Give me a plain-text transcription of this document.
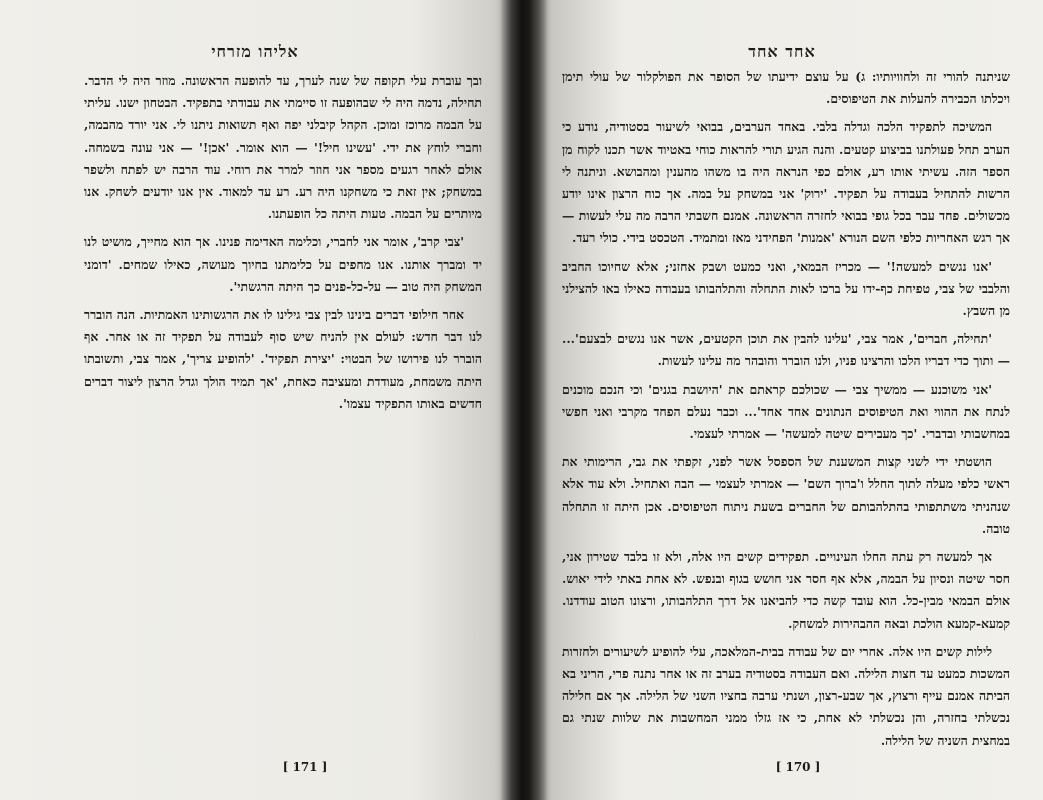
אליהו מזרחי

ובך עוברת עלי תקופה של שנה לערך, עד להופעה הראשונה. מוזר היה לי הדבר. תחילה, נדמה היה לי שבהופעה זו סיימתי את עבודתי בתפקיד. הבטחון ישנו. עליתי על הבמה מרוכז ומוכן. הקהל קיבלני יפה ואף תשואות ניתנו לי. אני יורד מהבמה, וחברי לוחץ את ידי. 'עשינו חיל!' — הוא אומר. 'אכן!' — אני עונה בשמחה. אולם לאחר רגעים מספר אני חוזר למרר את רוחי. עוד הרבה יש לפתח ולשפר במשחק; אין זאת כי משחקנו היה רע. רע עד למאוד. אין אנו יודעים לשחק. אנו מיותרים על הבמה. טעות היתה כל הופעתנו.

'צבי קרב', אומר אני לחברי, וכלימה האדימה פנינו. אך הוא מחייך, מושיט לנו יד ומברך אותנו. אנו מחפים על כלימתנו בחיוך מעושה, כאילו שמחים. 'דומני המשחק היה טוב — על-כל-פנים כך היתה הרגשתי'.

אחר חילופי דברים בינינו לבין צבי גילינו לו את הרגשותינו האמתיות. הנה הוברר לנו דבר חדש: לעולם אין להניח שיש סוף לעבודה על תפקיד זה או אחר. אף הוברר לנו פירושו של הבטוי: 'יצירת תפקיד'. 'להופיע צריך', אמר צבי, ותשובתו היתה משמחת, מעודדת ומעציבה כאחת, 'אך תמיד הולך וגדל הרצון ליצור דברים חדשים באותו התפקיד עצמו'.

[ 171 ]
אחד אחד

שניתנה להורי זה ולחוויותיו: ג) על עוצם ידיעתו של הסופר את הפולקלור של עולי תימן ויכלתו הכבירה להעלות את הטיפוסים.

המשיכה לתפקיד הלכה וגדלה בלבי. באחד הערבים, בבואי לשיעור בסטודיה, נודע כי הערב תחל פעולתנו בביצוע קטעים. והנה הגיע תורי להראות כוחי באטיוד אשר תכנו לקוח מן הספר הזה. עשיתי אותו רע, אולם כפי הנראה היה בו משהו מהענין ומהבושא. וניתנה לי הרשות להתחיל בעבודה על תפקיד. 'ירוק' אני במשחק על במה. אך כוח הרצון אינו יודע מכשולים. פחד עבר בכל גופי בבואי לחזרה הראשונה. אמנם חשבתי הרבה מה עלי לעשות — אך רגש האחריות כלפי השם הנורא 'אמנות' הפחידני מאז ומתמיד. הטכסט בידי. כולי רעד.

'אנו נגשים למעשה!' — מכריז הבמאי, ואני כמעט ושבק אחזני; אלא שחיוכו החביב והלבבי של צבי, טפיחת כף-ידו על ברכו לאות התחלה והתלהבותו בעבודה כאילו באו להצילני מן השבץ.

'תחילה, חברים', אמר צבי, 'עלינו להבין את תוכן הקטעים, אשר אנו נגשים לבצעם'... — ותוך כדי דבריו הלכו והרצינו פניו, ולנו הוברר והובהר מה עלינו לעשות.

'אני משוכנע — ממשיך צבי — שכולכם קראתם את 'היושבת בגנים' וכי הנכם מוכנים לנתח את ההווי ואת הטיפוסים הנתונים אחד אחד'... וכבר נעלם הפחד מקרבי ואני חפשי במחשבותי ובדברי. 'כך מעבירים שיטה למעשה' — אמרתי לעצמי.

הושטתי ידי לשני קצות המשענת של הספסל אשר לפני, זקפתי את גבי, הרימותי את ראשי כלפי מעלה לתוך החלל ו'ברוך השם' — אמרתי לעצמי — הבה ואתחיל. ולא עוד אלא שנהניתי משתתפותי בהתלהבותם של החברים בשעת ניתוח הטיפוסים. אכן היתה זו התחלה טובה.

אך למעשה רק עתה החלו העינויים. תפקידים קשים היו אלה, ולא זו בלבד שטירון אני, חסר שיטה ונסיון על הבמה, אלא אף חסר אני חושש בגוף ובנפש. לא אחת באתי לידי יאוש. אולם הבמאי מבין-כל. הוא עובד קשה כדי להביאנו אל דרך התלהבותו, ורצונו הטוב עודדנו. קמעא-קמעא הולכת ובאה ההבהירות למשחק.

לילות קשים היו אלה. אחרי יום של עבודה בבית-המלאכה, עלי להופיע לשיעורים ולחזרות המשכות כמעט עד חצות הלילה. ואם העבודה בסטודיה בערב זה או אחר נתנה פרי, הריני בא הביתה אמנם עייף ורצוץ, אך שבע-רצון, ושנתי ערבה בחציו השני של הלילה. אך אם חלילה נכשלתי בחזרה, והן נכשלתי לא אחת, כי אז גזלו ממני המחשבות את שלוות שנתי גם במחצית השניה של הלילה.

[ 170 ]
